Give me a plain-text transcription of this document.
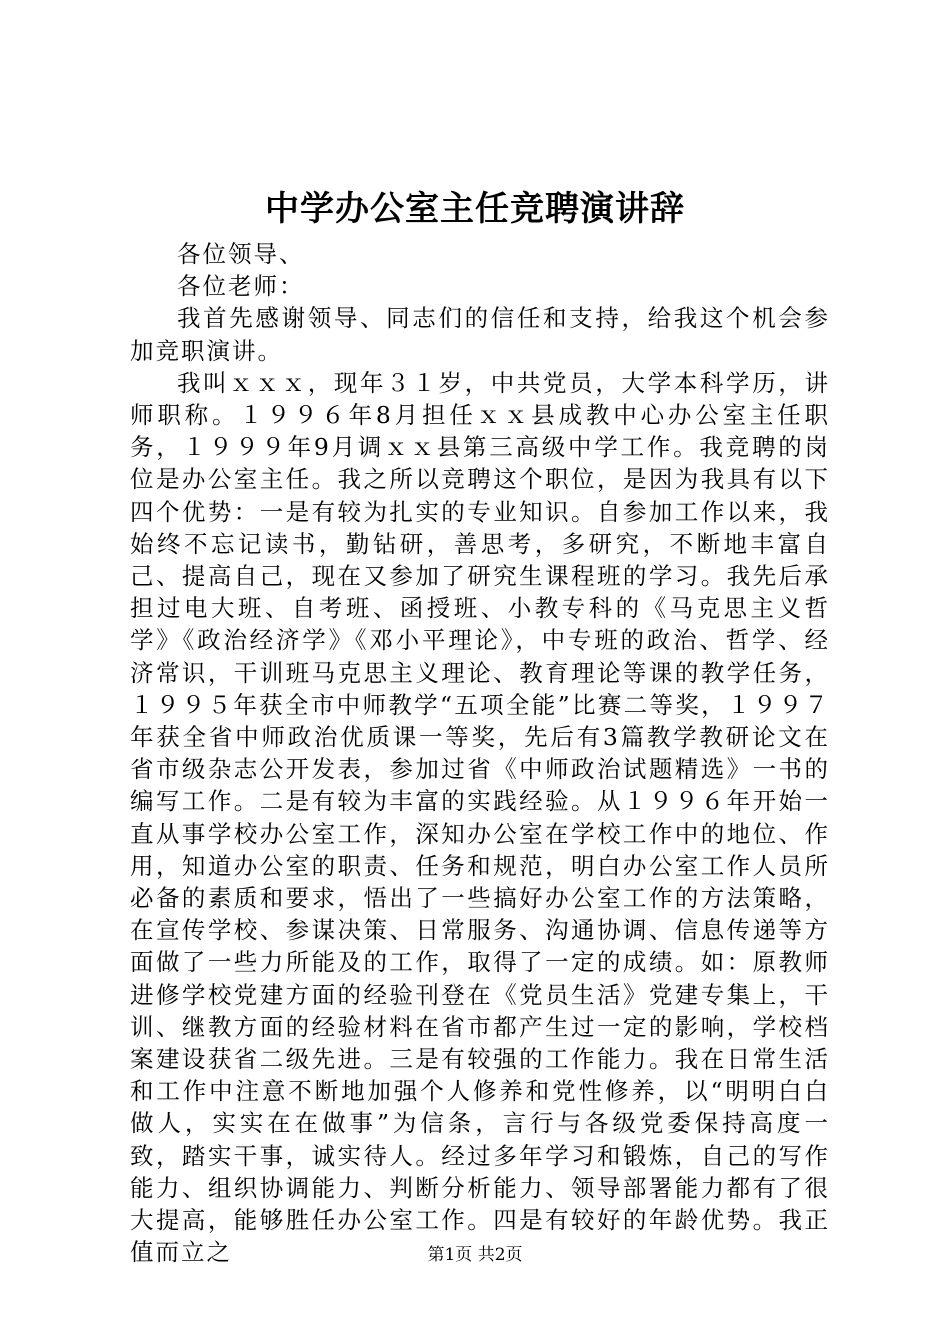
中学办公室主任竞聘演讲辞

各位领导、

各位老师：

我首先感谢领导、同志们的信任和支持，给我这个机会参加竞职演讲。

我叫ｘｘｘ，现年３１岁，中共党员，大学本科学历，讲师职称。１９９６年8月担任ｘｘ县成教中心办公室主任职务，１９９９年9月调ｘｘ县第三高级中学工作。我竞聘的岗位是办公室主任。我之所以竞聘这个职位，是因为我具有以下四个优势：一是有较为扎实的专业知识。自参加工作以来，我始终不忘记读书，勤钻研，善思考，多研究，不断地丰富自己、提高自己，现在又参加了研究生课程班的学习。我先后承担过电大班、自考班、函授班、小教专科的《马克思主义哲学》《政治经济学》《邓小平理论》，中专班的政治、哲学、经济常识，干训班马克思主义理论、教育理论等课的教学任务，１９９５年获全市中师教学“五项全能”比赛二等奖，１９９７年获全省中师政治优质课一等奖，先后有3篇教学教研论文在省市级杂志公开发表，参加过省《中师政治试题精选》一书的编写工作。二是有较为丰富的实践经验。从１９９６年开始一直从事学校办公室工作，深知办公室在学校工作中的地位、作用，知道办公室的职责、任务和规范，明白办公室工作人员所必备的素质和要求，悟出了一些搞好办公室工作的方法策略，在宣传学校、参谋决策、日常服务、沟通协调、信息传递等方面做了一些力所能及的工作，取得了一定的成绩。如：原教师进修学校党建方面的经验刊登在《党员生活》党建专集上，干训、继教方面的经验材料在省市都产生过一定的影响，学校档案建设获省二级先进。三是有较强的工作能力。我在日常生活和工作中注意不断地加强个人修养和党性修养，以“明明白白做人，实实在在做事”为信条，言行与各级党委保持高度一致，踏实干事，诚实待人。经过多年学习和锻炼，自己的写作能力、组织协调能力、判断分析能力、领导部署能力都有了很大提高，能够胜任办公室工作。四是有较好的年龄优势。我正值而立之	第1页 共2页
